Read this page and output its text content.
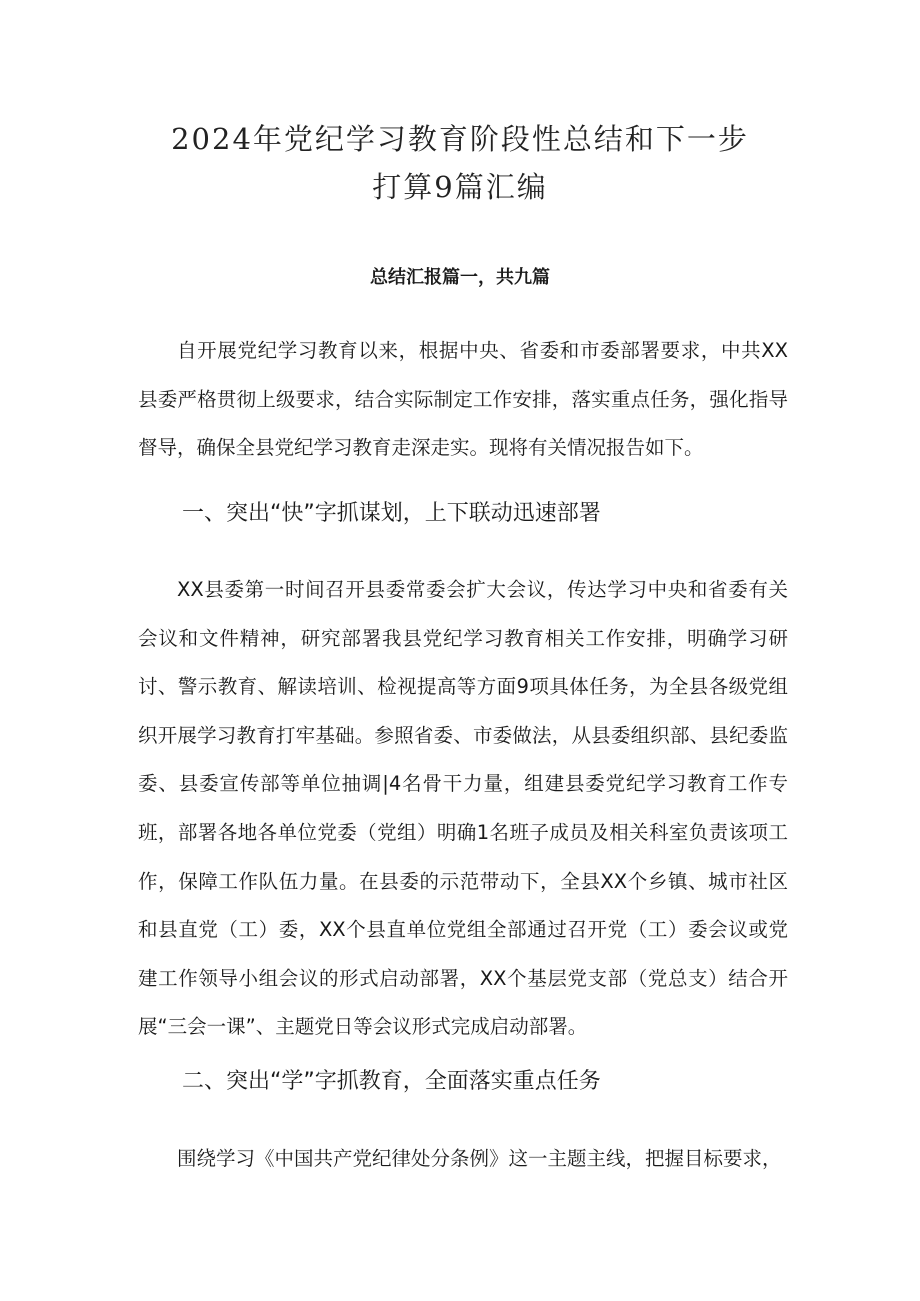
2024年党纪学习教育阶段性总结和下一步
打算9篇汇编
总结汇报篇一，共九篇

自开展党纪学习教育以来，根据中央、省委和市委部署要求，中共XX县委严格贯彻上级要求，结合实际制定工作安排，落实重点任务，强化指导督导，确保全县党纪学习教育走深走实。现将有关情况报告如下。

一、突出“快”字抓谋划，上下联动迅速部署

XX县委第一时间召开县委常委会扩大会议，传达学习中央和省委有关会议和文件精神，研究部署我县党纪学习教育相关工作安排，明确学习研讨、警示教育、解读培训、检视提高等方面9项具体任务，为全县各级党组织开展学习教育打牢基础。参照省委、市委做法，从县委组织部、县纪委监委、县委宣传部等单位抽调|4名骨干力量，组建县委党纪学习教育工作专班，部署各地各单位党委（党组）明确1名班子成员及相关科室负责该项工作，保障工作队伍力量。在县委的示范带动下，全县XX个乡镇、城市社区和县直党（工）委，XX个县直单位党组全部通过召开党（工）委会议或党建工作领导小组会议的形式启动部署，XX个基层党支部（党总支）结合开展“三会一课”、主题党日等会议形式完成启动部署。

二、突出“学”字抓教育，全面落实重点任务

围绕学习《中国共产党纪律处分条例》这一主题主线，把握目标要求，
